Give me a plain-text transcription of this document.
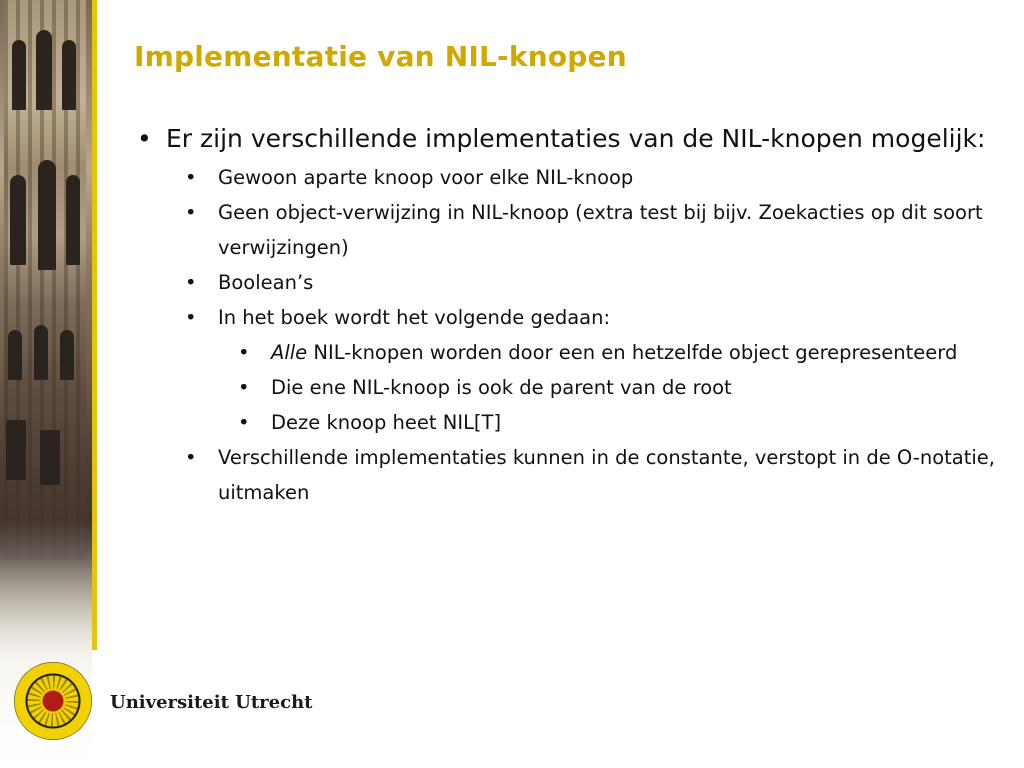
Implementatie van NIL-knopen
• Er zijn verschillende implementaties van de NIL-knopen mogelijk:
• Gewoon aparte knoop voor elke NIL-knoop
• Geen object-verwijzing in NIL-knoop (extra test bij bijv. Zoekacties op dit soort verwijzingen)
• Boolean’s
• In het boek wordt het volgende gedaan:
• Alle NIL-knopen worden door een en hetzelfde object gerepresenteerd
• Die ene NIL-knoop is ook de parent van de root
• Deze knoop heet NIL[T]
• Verschillende implementaties kunnen in de constante, verstopt in de O-notatie, uitmaken
Universiteit Utrecht
